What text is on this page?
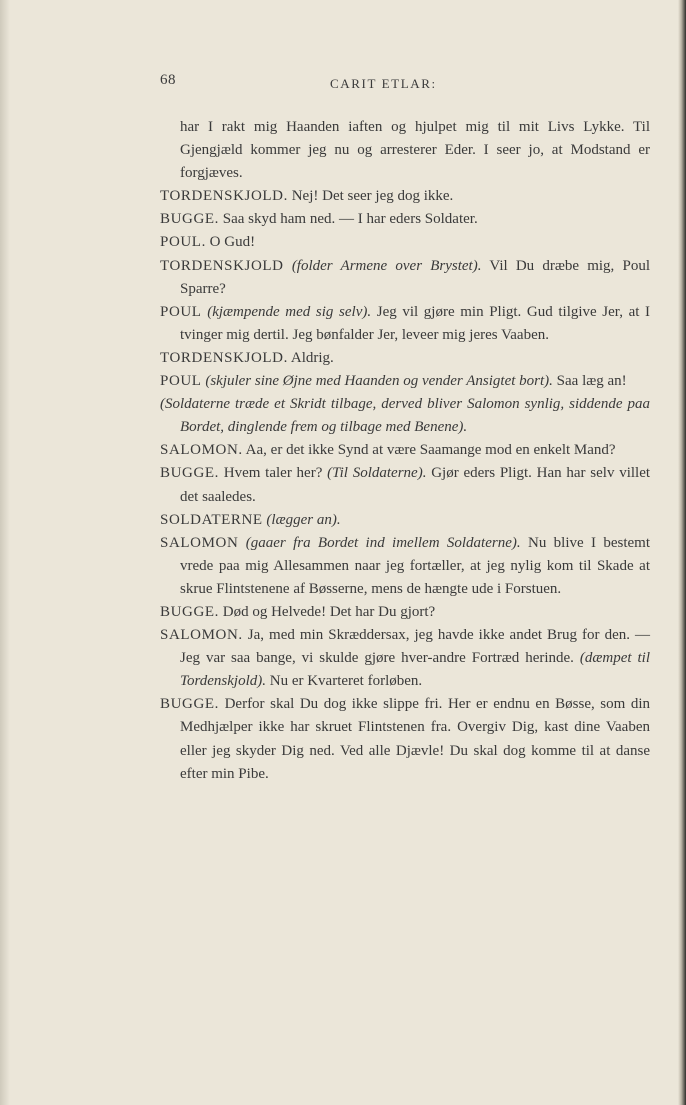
68	CARIT ETLAR:

har I rakt mig Haanden iaften og hjulpet mig til mit Livs Lykke. Til Gjengjæld kommer jeg nu og arresterer Eder. I seer jo, at Modstand er forgjæves.

TORDENSKJOLD. Nej! Det seer jeg dog ikke.

BUGGE. Saa skyd ham ned. — I har eders Soldater.

POUL. O Gud!

TORDENSKJOLD (folder Armene over Brystet). Vil Du dræbe mig, Poul Sparre?

POUL (kjæmpende med sig selv). Jeg vil gjøre min Pligt. Gud tilgive Jer, at I tvinger mig dertil. Jeg bønfalder Jer, leveer mig jeres Vaaben.

TORDENSKJOLD. Aldrig.

POUL (skjuler sine Øjne med Haanden og vender Ansigtet bort). Saa læg an!

(Soldaterne træde et Skridt tilbage, derved bliver Salomon synlig, siddende paa Bordet, dinglende frem og tilbage med Benene).

SALOMON. Aa, er det ikke Synd at være Saamange mod en enkelt Mand?

BUGGE. Hvem taler her? (Til Soldaterne). Gjør eders Pligt. Han har selv villet det saaledes.

SOLDATERNE (lægger an).

SALOMON (gaaer fra Bordet ind imellem Soldaterne). Nu blive I bestemt vrede paa mig Allesammen naar jeg fortæller, at jeg nylig kom til Skade at skrue Flintstenene af Bøsserne, mens de hængte ude i Forstuen.

BUGGE. Død og Helvede! Det har Du gjort?

SALOMON. Ja, med min Skræddersax, jeg havde ikke andet Brug for den. — Jeg var saa bange, vi skulde gjøre hver-andre Fortræd herinde. (dæmpet til Tordenskjold). Nu er Kvarteret forløben.

BUGGE. Derfor skal Du dog ikke slippe fri. Her er endnu en Bøsse, som din Medhjælper ikke har skruet Flintstenen fra. Overgiv Dig, kast dine Vaaben eller jeg skyder Dig ned. Ved alle Djævle! Du skal dog komme til at danse efter min Pibe.
